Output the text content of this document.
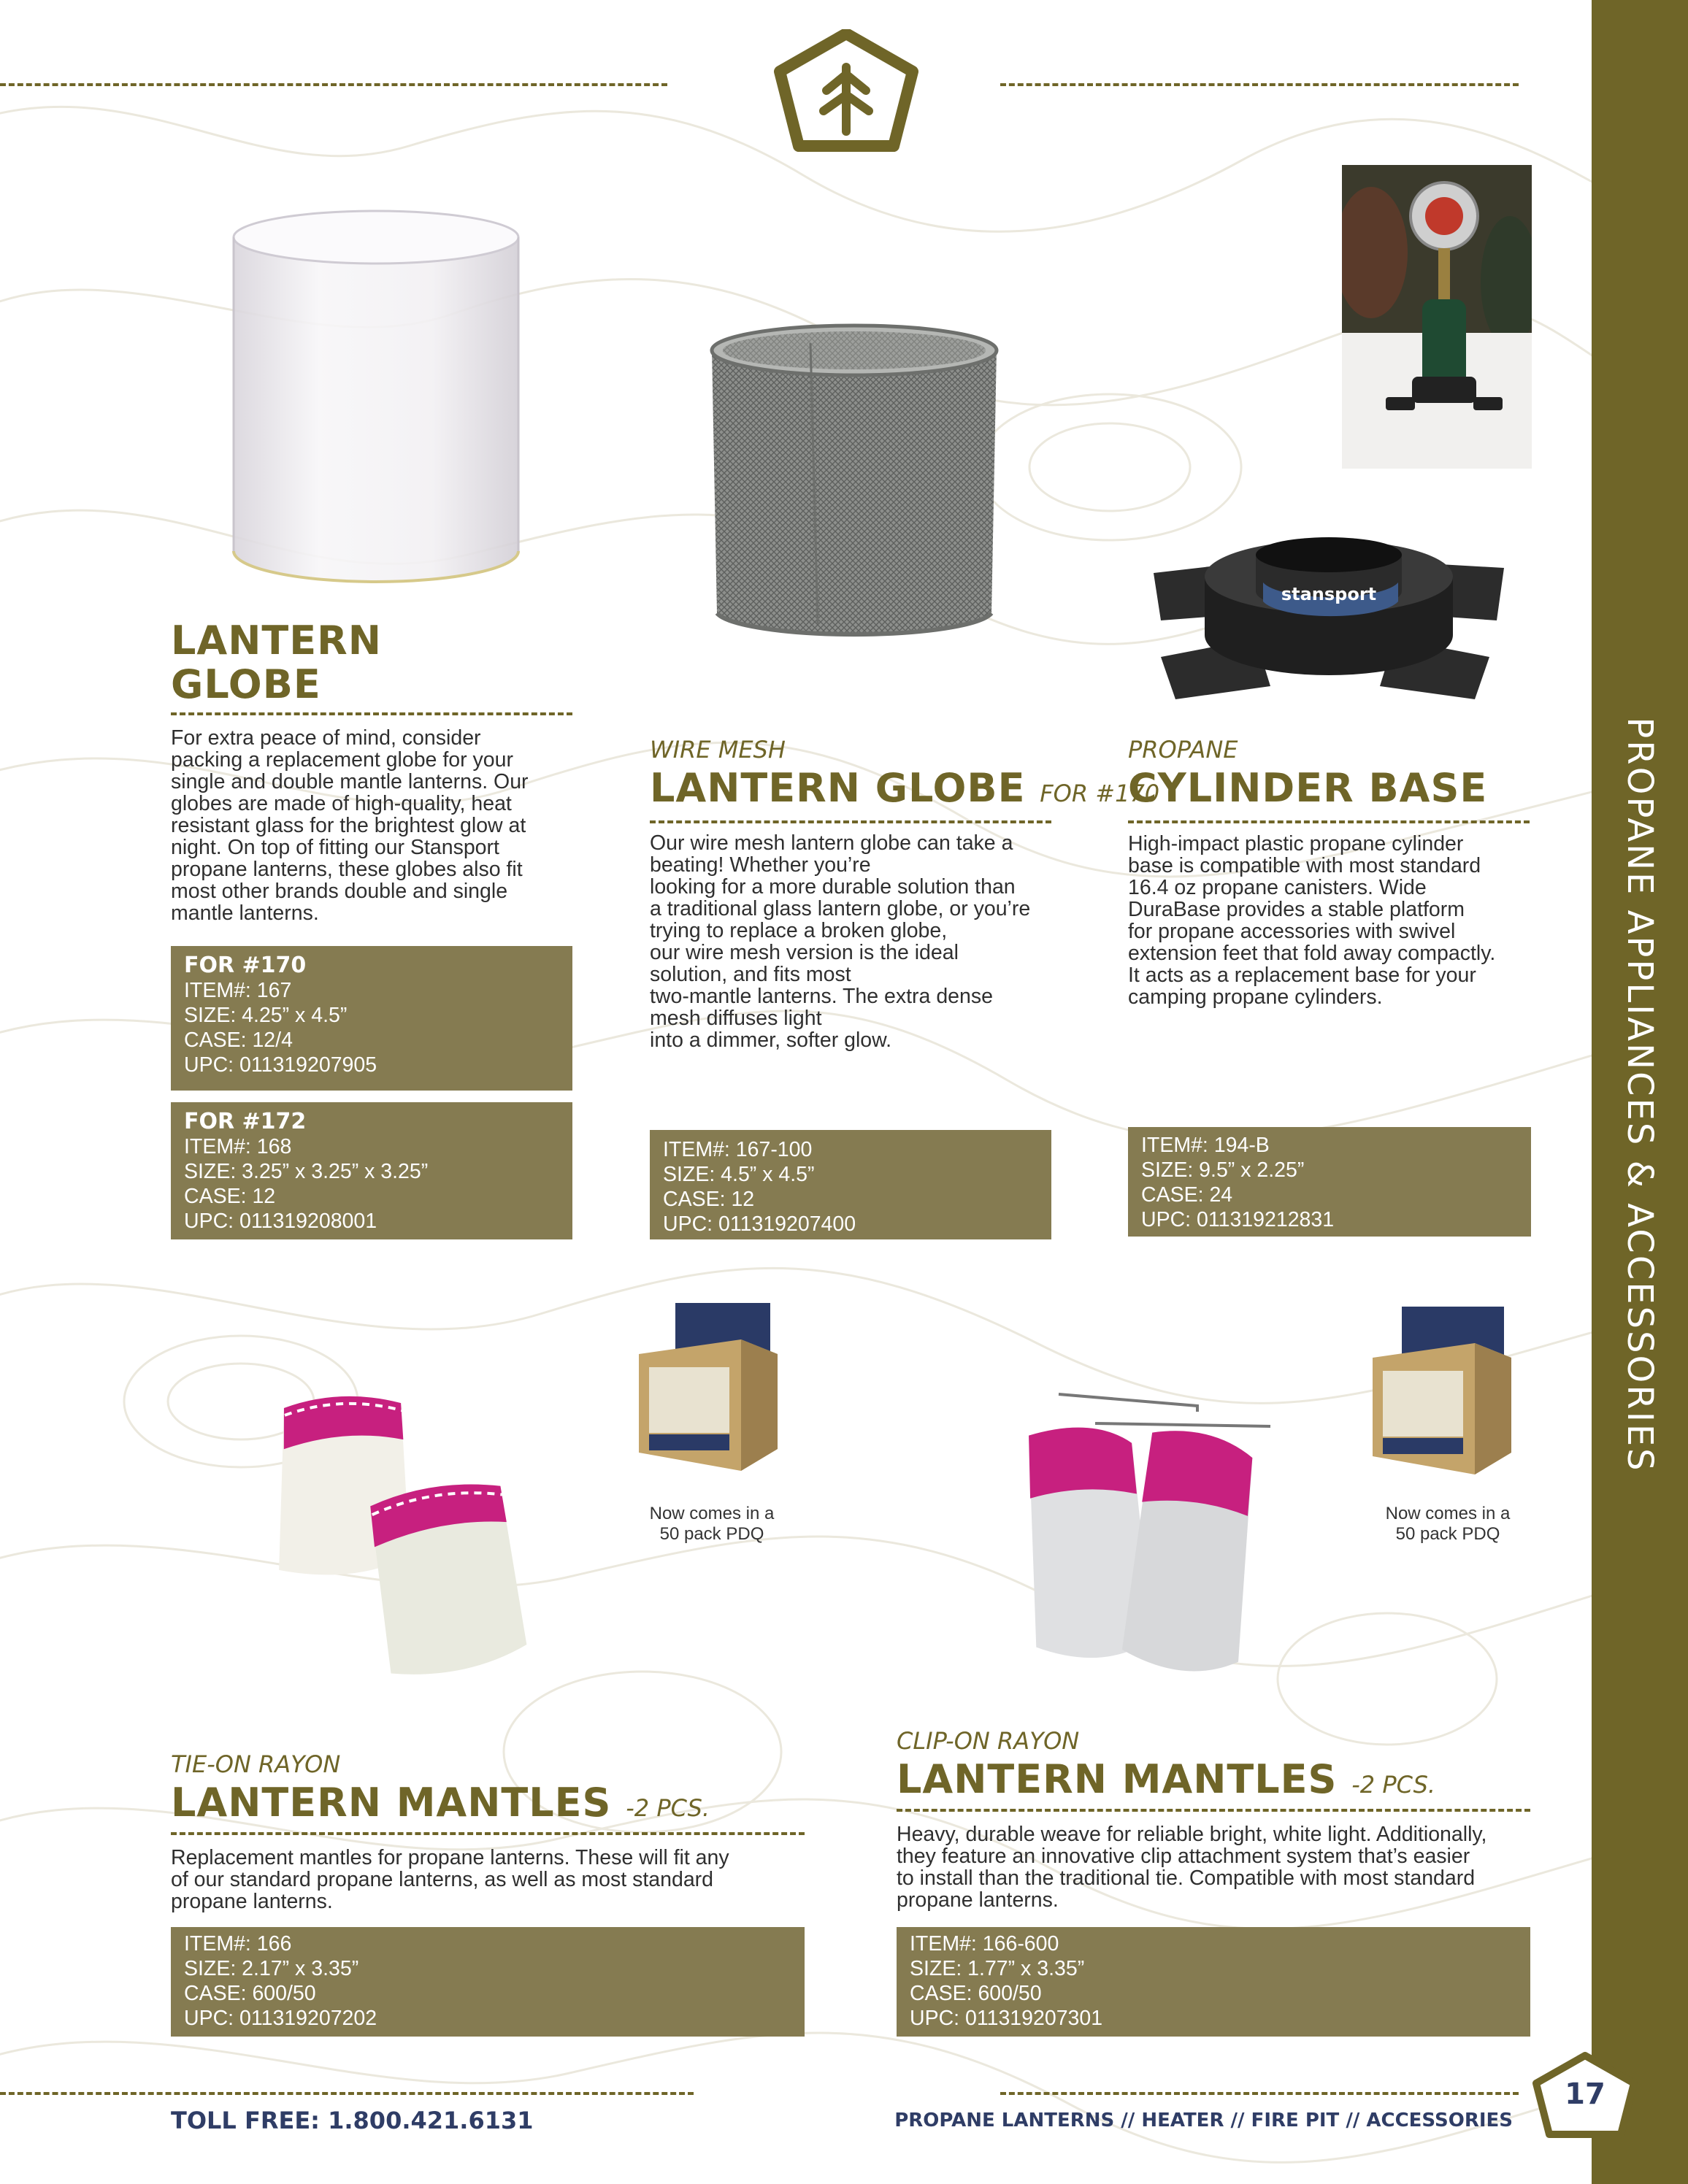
PROPANE APPLIANCES & ACCESSORIES
LANTERN
GLOBE
For extra peace of mind, consider
packing a replacement globe for your
single and double mantle lanterns. Our
globes are made of high-quality, heat
resistant glass for the brightest glow at
night. On top of fitting our Stansport
propane lanterns, these globes also fit
most other brands double and single
mantle lanterns.
FOR #170
ITEM#: 167
SIZE: 4.25” x 4.5”
CASE: 12/4
UPC: 011319207905
FOR #172
ITEM#: 168
SIZE: 3.25” x 3.25” x 3.25”
CASE: 12
UPC: 011319208001
WIRE MESH
LANTERN GLOBE FOR #170
Our wire mesh lantern globe can take a
beating! Whether you’re
looking for a more durable solution than
a traditional glass lantern globe, or you’re
trying to replace a broken globe,
our wire mesh version is the ideal
solution, and fits most
two-mantle lanterns. The extra dense
mesh diffuses light
into a dimmer, softer glow.
ITEM#: 167-100
SIZE: 4.5” x 4.5”
CASE: 12
UPC: 011319207400
stansport
PROPANE
CYLINDER BASE
High-impact plastic propane cylinder
base is compatible with most standard
16.4 oz propane canisters. Wide
DuraBase provides a stable platform
for propane accessories with swivel
extension feet that fold away compactly.
It acts as a replacement base for your
camping propane cylinders.
ITEM#: 194-B
SIZE: 9.5” x 2.25”
CASE: 24
UPC: 011319212831
Now comes in a
50 pack PDQ
TIE-ON RAYON
LANTERN MANTLES -2 PCS.
Replacement mantles for propane lanterns. These will fit any
of our standard propane lanterns, as well as most standard
propane lanterns.
ITEM#: 166
SIZE: 2.17” x 3.35”
CASE: 600/50
UPC: 011319207202
Now comes in a
50 pack PDQ
CLIP-ON RAYON
LANTERN MANTLES -2 PCS.
Heavy, durable weave for reliable bright, white light. Additionally,
they feature an innovative clip attachment system that’s easier
to install than the traditional tie. Compatible with most standard
propane lanterns.
ITEM#: 166-600
SIZE: 1.77” x 3.35”
CASE: 600/50
UPC: 011319207301
TOLL FREE: 1.800.421.6131	PROPANE LANTERNS // HEATER // FIRE PIT // ACCESSORIES
17
